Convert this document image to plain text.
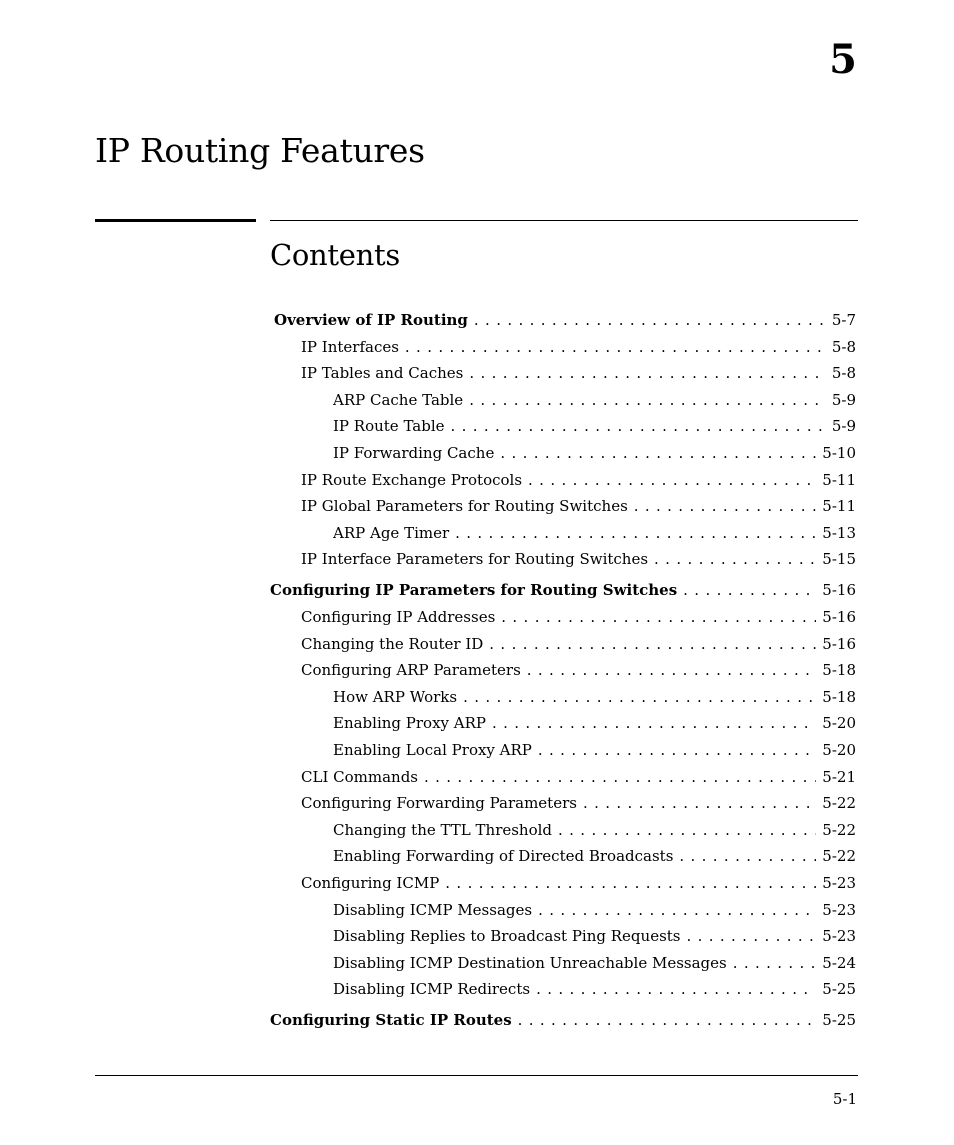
5
IP Routing Features
Contents
Overview of IP Routing . . .	5-7
IP Interfaces . . .	5-8
IP Tables and Caches . . .	5-8
ARP Cache Table . . .	5-9
IP Route Table . . .	5-9
IP Forwarding Cache . . .	5-10
IP Route Exchange Protocols . . .	5-11
IP Global Parameters for Routing Switches . . .	5-11
ARP Age Timer . . .	5-13
IP Interface Parameters for Routing Switches . . .	5-15
Configuring IP Parameters for Routing Switches . . .	5-16
Configuring IP Addresses . . .	5-16
Changing the Router ID . . .	5-16
Configuring ARP Parameters . . .	5-18
How ARP Works . . .	5-18
Enabling Proxy ARP . . .	5-20
Enabling Local Proxy ARP . . .	5-20
CLI Commands . . .	5-21
Configuring Forwarding Parameters . . .	5-22
Changing the TTL Threshold . . .	5-22
Enabling Forwarding of Directed Broadcasts . . .	5-22
Configuring ICMP . . .	5-23
Disabling ICMP Messages . . .	5-23
Disabling Replies to Broadcast Ping Requests . . .	5-23
Disabling ICMP Destination Unreachable Messages . . .	5-24
Disabling ICMP Redirects . . .	5-25
Configuring Static IP Routes . . .	5-25
5-1
